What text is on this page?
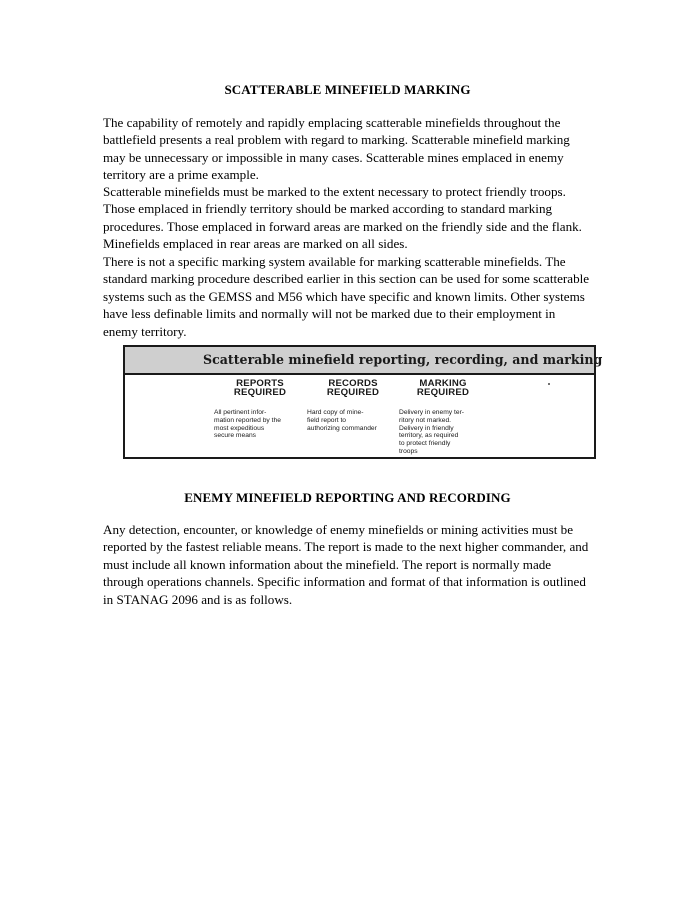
SCATTERABLE MINEFIELD MARKING

The capability of remotely and rapidly emplacing scatterable minefields throughout the battlefield presents a real problem with regard to marking. Scatterable minefield marking may be unnecessary or impossible in many cases. Scatterable mines emplaced in enemy territory are a prime example.

Scatterable minefields must be marked to the extent necessary to protect friendly troops. Those emplaced in friendly territory should be marked according to standard marking procedures. Those emplaced in forward areas are marked on the friendly side and the flank. Minefields emplaced in rear areas are marked on all sides.

There is not a specific marking system available for marking scatterable minefields. The standard marking procedure described earlier in this section can be used for some scatterable systems such as the GEMSS and M56 which have specific and known limits. Other systems have less definable limits and normally will not be marked due to their employment in enemy territory.

Scatterable minefield reporting, recording, and marking
REPORTS
REQUIRED
RECORDS
REQUIRED
MARKING
REQUIRED
All pertinent infor-
mation reported by the
most expeditious
secure means
Hard copy of mine-
field report to
authorizing commander
Delivery in enemy ter-
ritory not marked.
Delivery in friendly
territory, as required
to protect friendly
troops
ENEMY MINEFIELD REPORTING AND RECORDING

Any detection, encounter, or knowledge of enemy minefields or mining activities must be reported by the fastest reliable means. The report is made to the next higher commander, and must include all known information about the minefield. The report is normally made through operations channels. Specific information and format of that information is outlined in STANAG 2096 and is as follows.
